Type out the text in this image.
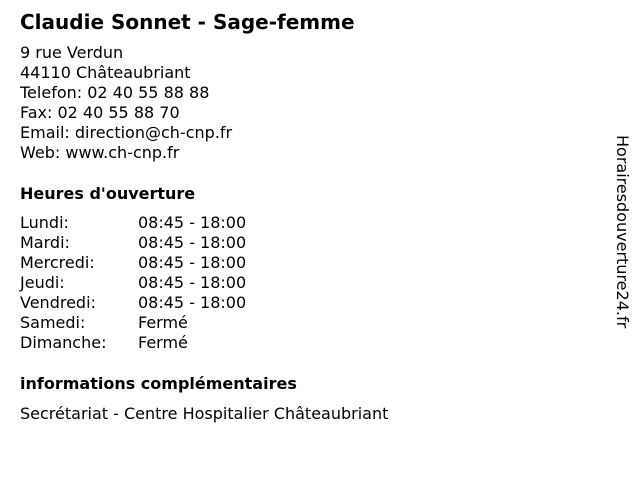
Claudie Sonnet - Sage-femme
9 rue Verdun
44110 Châteaubriant
Telefon: 02 40 55 88 88
Fax: 02 40 55 88 70
Email: direction@ch-cnp.fr
Web: www.ch-cnp.fr
Heures d'ouverture
Lundi:	08:45 - 18:00
Mardi:	08:45 - 18:00
Mercredi:	08:45 - 18:00
Jeudi:	08:45 - 18:00
Vendredi:	08:45 - 18:00
Samedi:	Fermé
Dimanche: Fermé
informations complémentaires
Secrétariat - Centre Hospitalier Châteaubriant
Horairesdouverture24.fr
